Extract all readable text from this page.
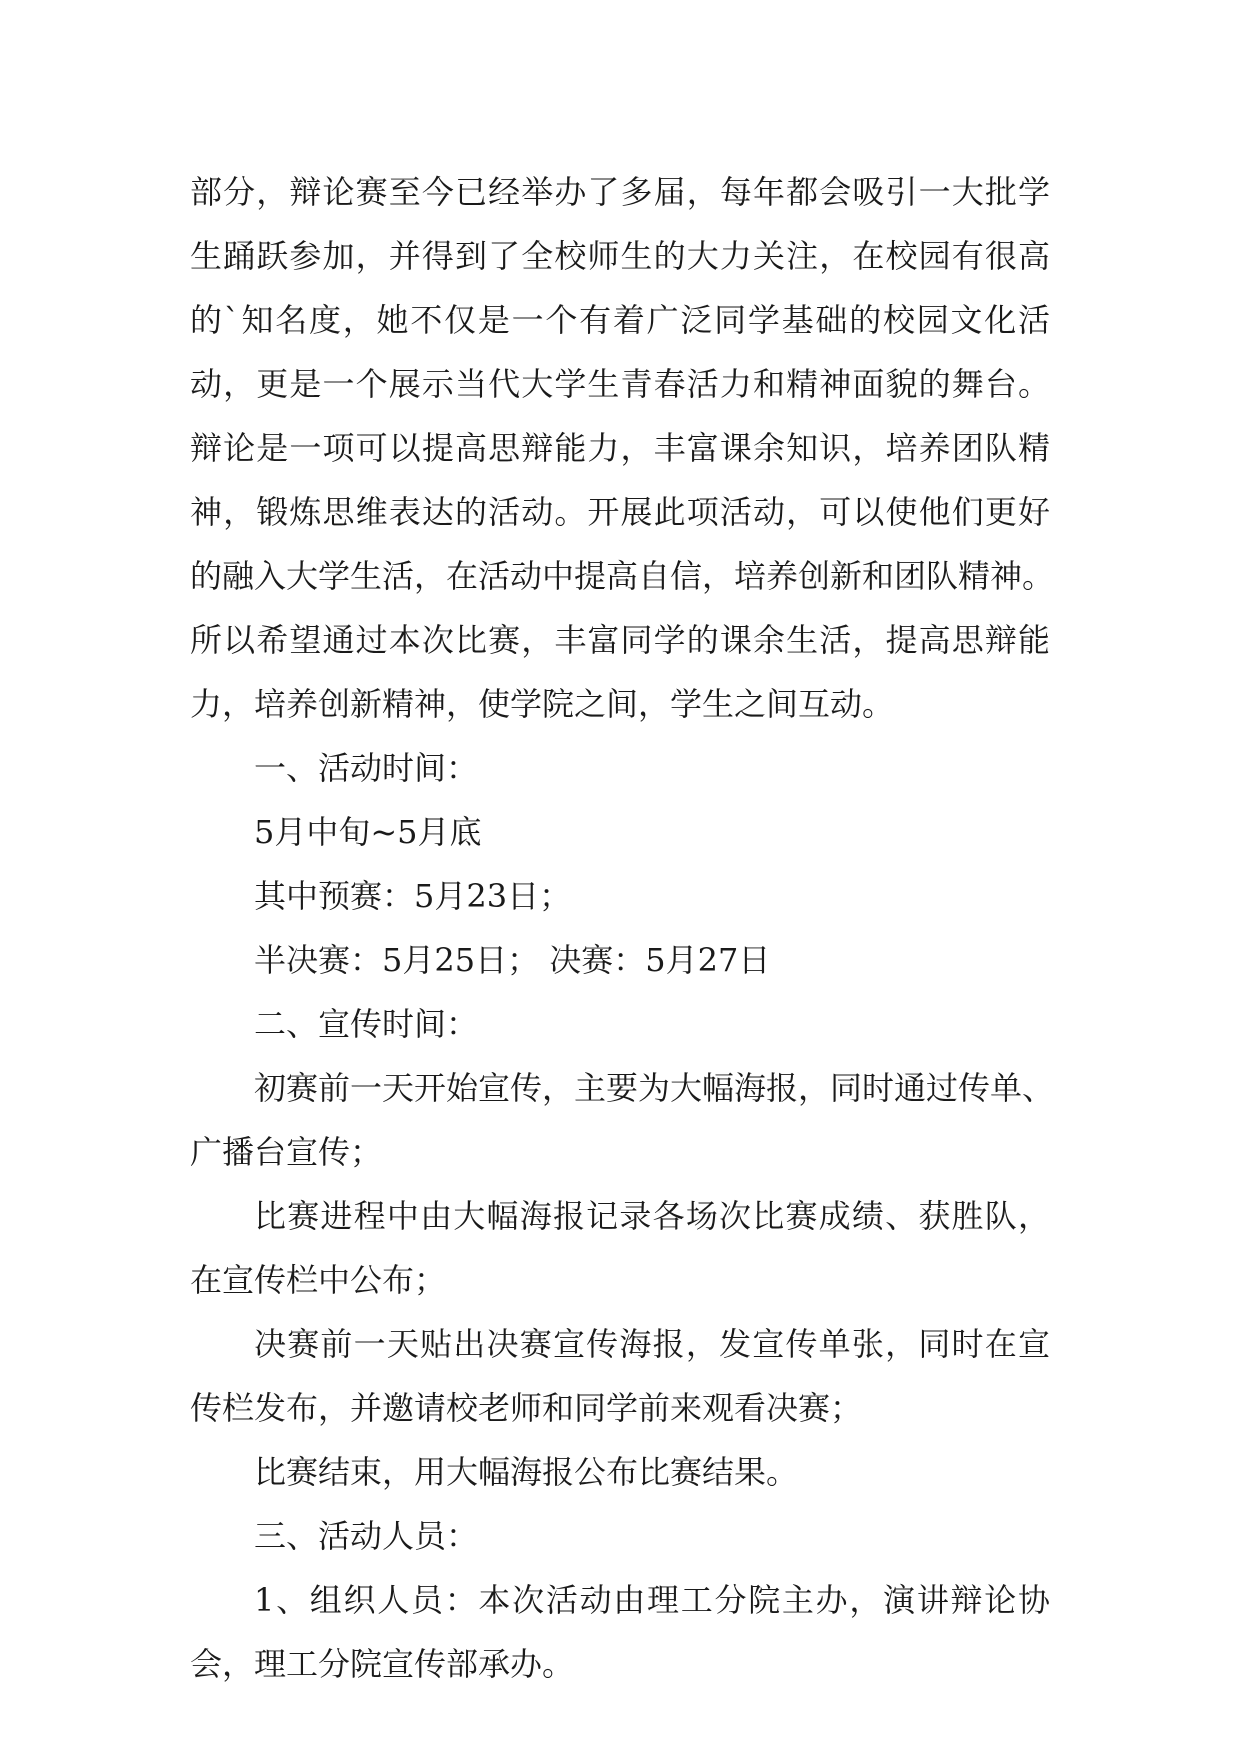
部分，辩论赛至今已经举办了多届，每年都会吸引一大批学
生踊跃参加，并得到了全校师生的大力关注，在校园有很高
的`知名度，她不仅是一个有着广泛同学基础的校园文化活
动，更是一个展示当代大学生青春活力和精神面貌的舞台。
辩论是一项可以提高思辩能力，丰富课余知识，培养团队精
神，锻炼思维表达的活动。开展此项活动，可以使他们更好
的融入大学生活，在活动中提高自信，培养创新和团队精神。
所以希望通过本次比赛，丰富同学的课余生活，提高思辩能
力，培养创新精神，使学院之间，学生之间互动。
一、活动时间：
5月中旬~5月底
其中预赛：5月23日；
半决赛：5月25日； 决赛：5月27日
二、宣传时间：
初赛前一天开始宣传，主要为大幅海报，同时通过传单、
广播台宣传；
比赛进程中由大幅海报记录各场次比赛成绩、获胜队，
在宣传栏中公布；
决赛前一天贴出决赛宣传海报，发宣传单张，同时在宣
传栏发布，并邀请校老师和同学前来观看决赛；
比赛结束，用大幅海报公布比赛结果。
三、活动人员：
1、组织人员：本次活动由理工分院主办，演讲辩论协
会，理工分院宣传部承办。
